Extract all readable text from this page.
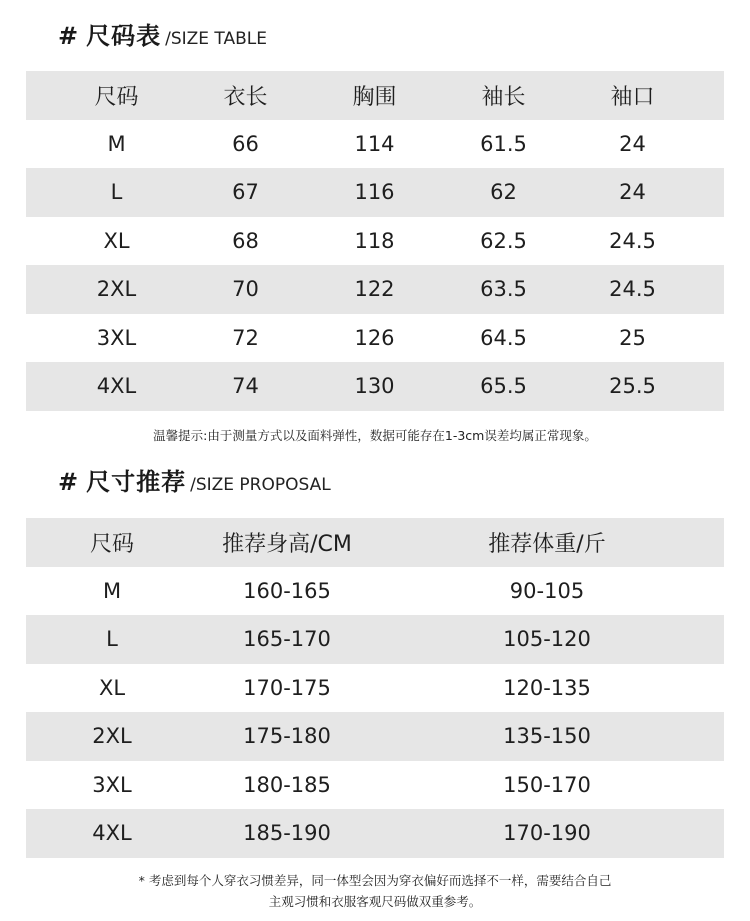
# 尺码表 /SIZE TABLE
尺码	衣长	胸围	袖长	袖口
M	66	114	61.5	24
L	67	116	62	24
XL	68	118	62.5	24.5
2XL	70	122	63.5	24.5
3XL	72	126	64.5	25
4XL	74	130	65.5	25.5
温馨提示:由于测量方式以及面料弹性，数据可能存在1-3cm误差均属正常现象。
# 尺寸推荐 /SIZE PROPOSAL
尺码	推荐身高/CM	推荐体重/斤
M	160-165	90-105
L	165-170	105-120
XL	170-175	120-135
2XL	175-180	135-150
3XL	180-185	150-170
4XL	185-190	170-190
* 考虑到每个人穿衣习惯差异，同一体型会因为穿衣偏好而选择不一样，需要结合自己
主观习惯和衣服客观尺码做双重参考。
